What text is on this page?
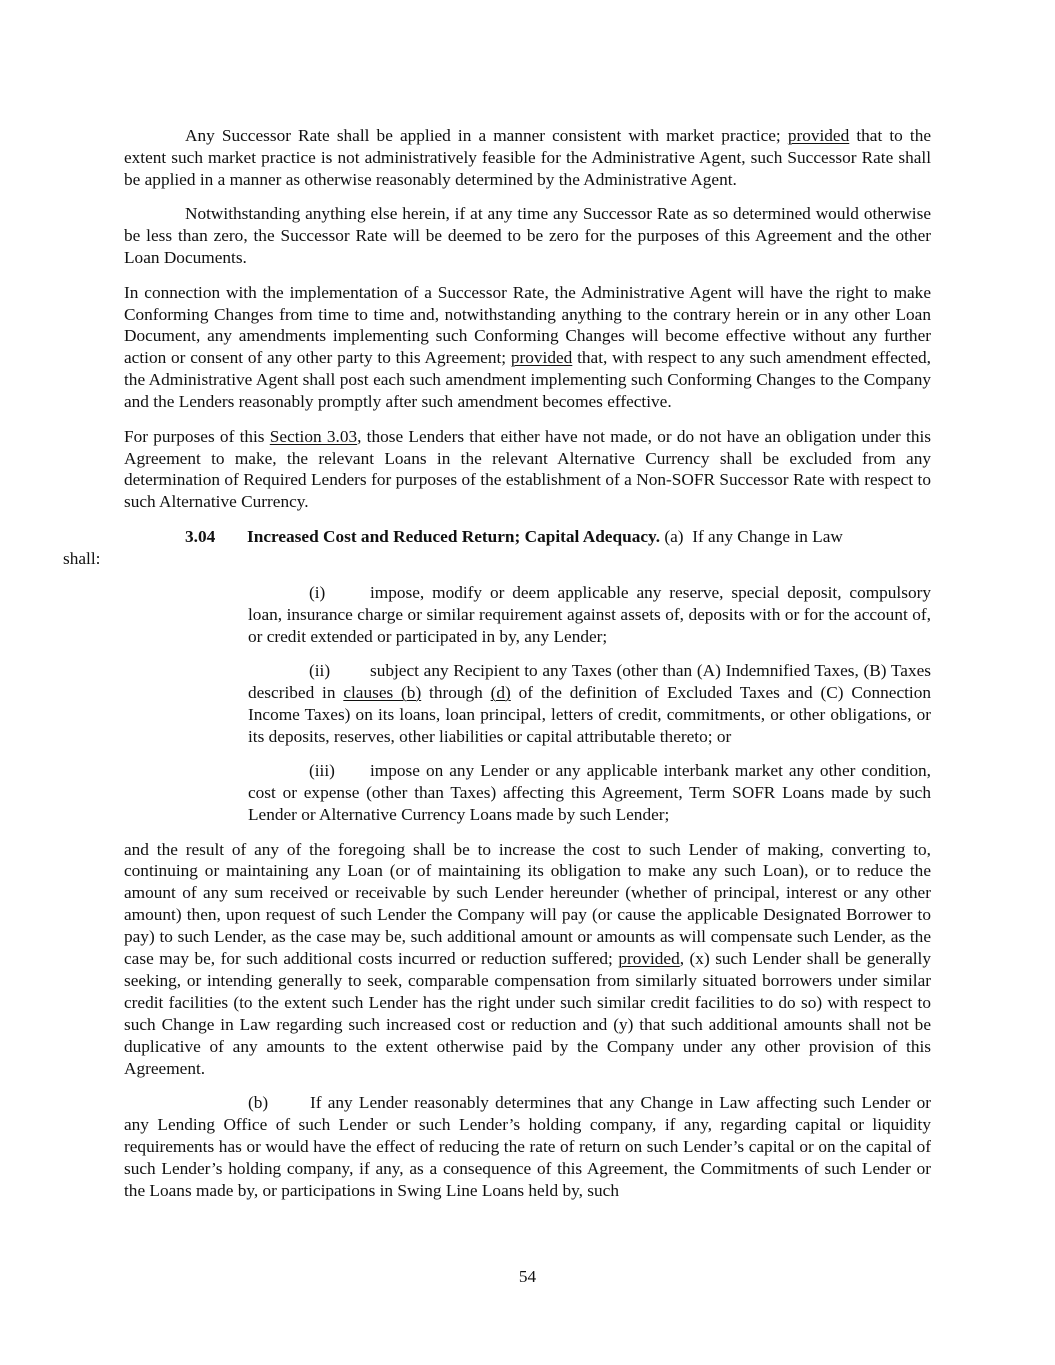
Any Successor Rate shall be applied in a manner consistent with market practice; provided that to the extent such market practice is not administratively feasible for the Administrative Agent, such Successor Rate shall be applied in a manner as otherwise reasonably determined by the Administrative Agent.

Notwithstanding anything else herein, if at any time any Successor Rate as so determined would otherwise be less than zero, the Successor Rate will be deemed to be zero for the purposes of this Agreement and the other Loan Documents.

In connection with the implementation of a Successor Rate, the Administrative Agent will have the right to make Conforming Changes from time to time and, notwithstanding anything to the contrary herein or in any other Loan Document, any amendments implementing such Conforming Changes will become effective without any further action or consent of any other party to this Agreement; provided that, with respect to any such amendment effected, the Administrative Agent shall post each such amendment implementing such Conforming Changes to the Company and the Lenders reasonably promptly after such amendment becomes effective.

For purposes of this Section 3.03, those Lenders that either have not made, or do not have an obligation under this Agreement to make, the relevant Loans in the relevant Alternative Currency shall be excluded from any determination of Required Lenders for purposes of the establishment of a Non-SOFR Successor Rate with respect to such Alternative Currency.

3.04 Increased Cost and Reduced Return; Capital Adequacy. (a) If any Change in Law
shall:

(i)	impose, modify or deem applicable any reserve, special deposit, compulsory loan, insurance charge or similar requirement against assets of, deposits with or for the account of, or credit extended or participated in by, any Lender;

(ii) subject any Recipient to any Taxes (other than (A) Indemnified Taxes, (B) Taxes described in clauses (b) through (d) of the definition of Excluded Taxes and (C) Connection Income Taxes) on its loans, loan principal, letters of credit, commitments, or other obligations, or its deposits, reserves, other liabilities or capital attributable thereto; or

(iii) impose on any Lender or any applicable interbank market any other condition, cost or expense (other than Taxes) affecting this Agreement, Term SOFR Loans made by such Lender or Alternative Currency Loans made by such Lender;

and the result of any of the foregoing shall be to increase the cost to such Lender of making, converting to, continuing or maintaining any Loan (or of maintaining its obligation to make any such Loan), or to reduce the amount of any sum received or receivable by such Lender hereunder (whether of principal, interest or any other amount) then, upon request of such Lender the Company will pay (or cause the applicable Designated Borrower to pay) to such Lender, as the case may be, such additional amount or amounts as will compensate such Lender, as the case may be, for such additional costs incurred or reduction suffered; provided, (x) such Lender shall be generally seeking, or intending generally to seek, comparable compensation from similarly situated borrowers under similar credit facilities (to the extent such Lender has the right under such similar credit facilities to do so) with respect to such Change in Law regarding such increased cost or reduction and (y) that such additional amounts shall not be duplicative of any amounts to the extent otherwise paid by the Company under any other provision of this Agreement.

(b) If any Lender reasonably determines that any Change in Law affecting such Lender or any Lending Office of such Lender or such Lender’s holding company, if any, regarding capital or liquidity requirements has or would have the effect of reducing the rate of return on such Lender’s capital or on the capital of such Lender’s holding company, if any, as a consequence of this Agreement, the Commitments of such Lender or the Loans made by, or participations in Swing Line Loans held by, such

54
